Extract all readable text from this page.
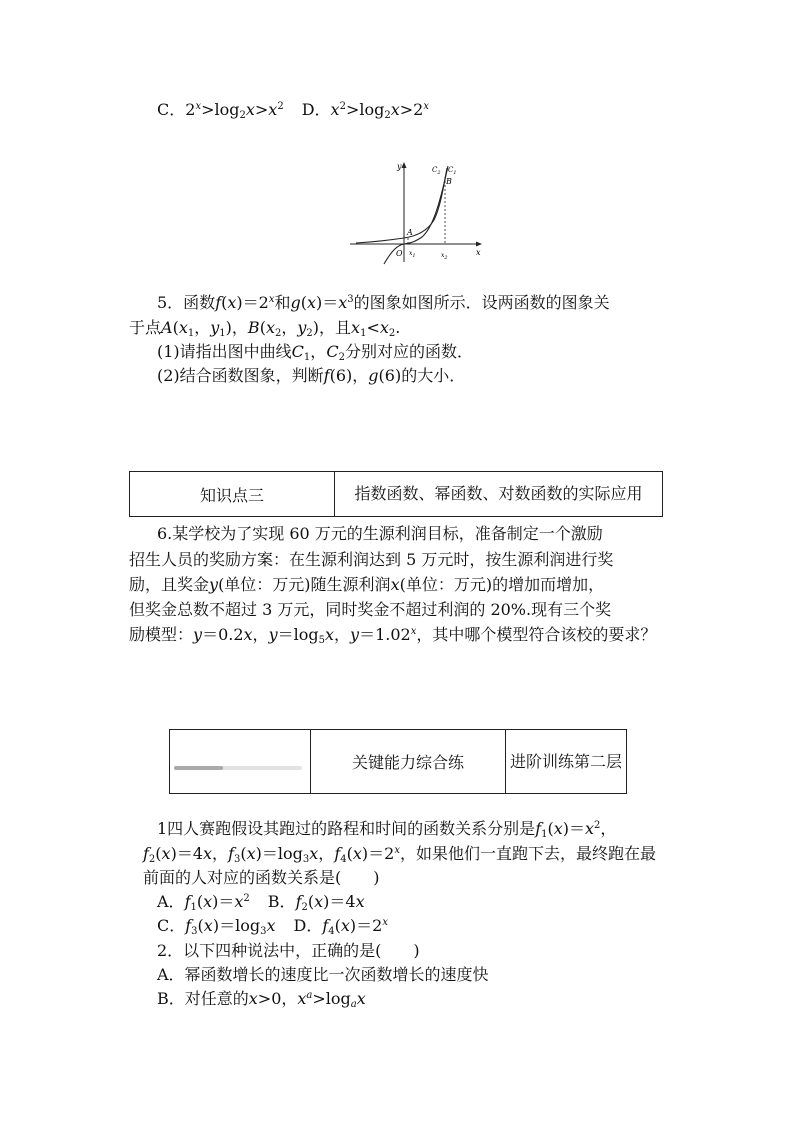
C．$2^x>\log_2x>x^2$ D．$x^2>\log_2x>2^x$
y
x
O
A
B
$C_2$ $C_1$
$x_1$	$x_2$
5．函数$f(x)=2^x$和$g(x)=x^3$的图象如图所示．设两函数的图象关
于点$A(x_1$，$y_1$)，$B(x_2$，$y_2$)，且$x_1<x_2$.
(1)请指出图中曲线$C_1$，$C_2$分别对应的函数．
(2)结合函数图象，判断f(6)，g(6)的大小．
知识点三	指数函数、幂函数、对数函数的实际应用
6.某学校为了实现 60 万元的生源利润目标，准备制定一个激励
招生人员的奖励方案：在生源利润达到 5 万元时，按生源利润进行奖
励，且奖金y(单位：万元)随生源利润x(单位：万元)的增加而增加，
但奖金总数不超过 3 万元，同时奖金不超过利润的 20%.现有三个奖
励模型：y＝0.2x，$y=\log_5x$，$y=1.02^x$，其中哪个模型符合该校的要求？
关键能力综合练	进阶训练第二层
1四人赛跑假设其跑过的路程和时间的函数关系分别是$f_1(x)=x^2$，
$f_2(x)=4x$，$f_3(x)=\log_3x$，$f_4(x)=2^x$，如果他们一直跑下去，最终跑在最
前面的人对应的函数关系是(　　)
A．$f_1(x)=x^2$ B．$f_2(x)=4x$
C．$f_3(x)=\log_3x$ D．$f_4(x)=2^x$
2．以下四种说法中，正确的是(　　)
A．幂函数增长的速度比一次函数增长的速度快
B．对任意的x>0，$x^a>\log_ax$
